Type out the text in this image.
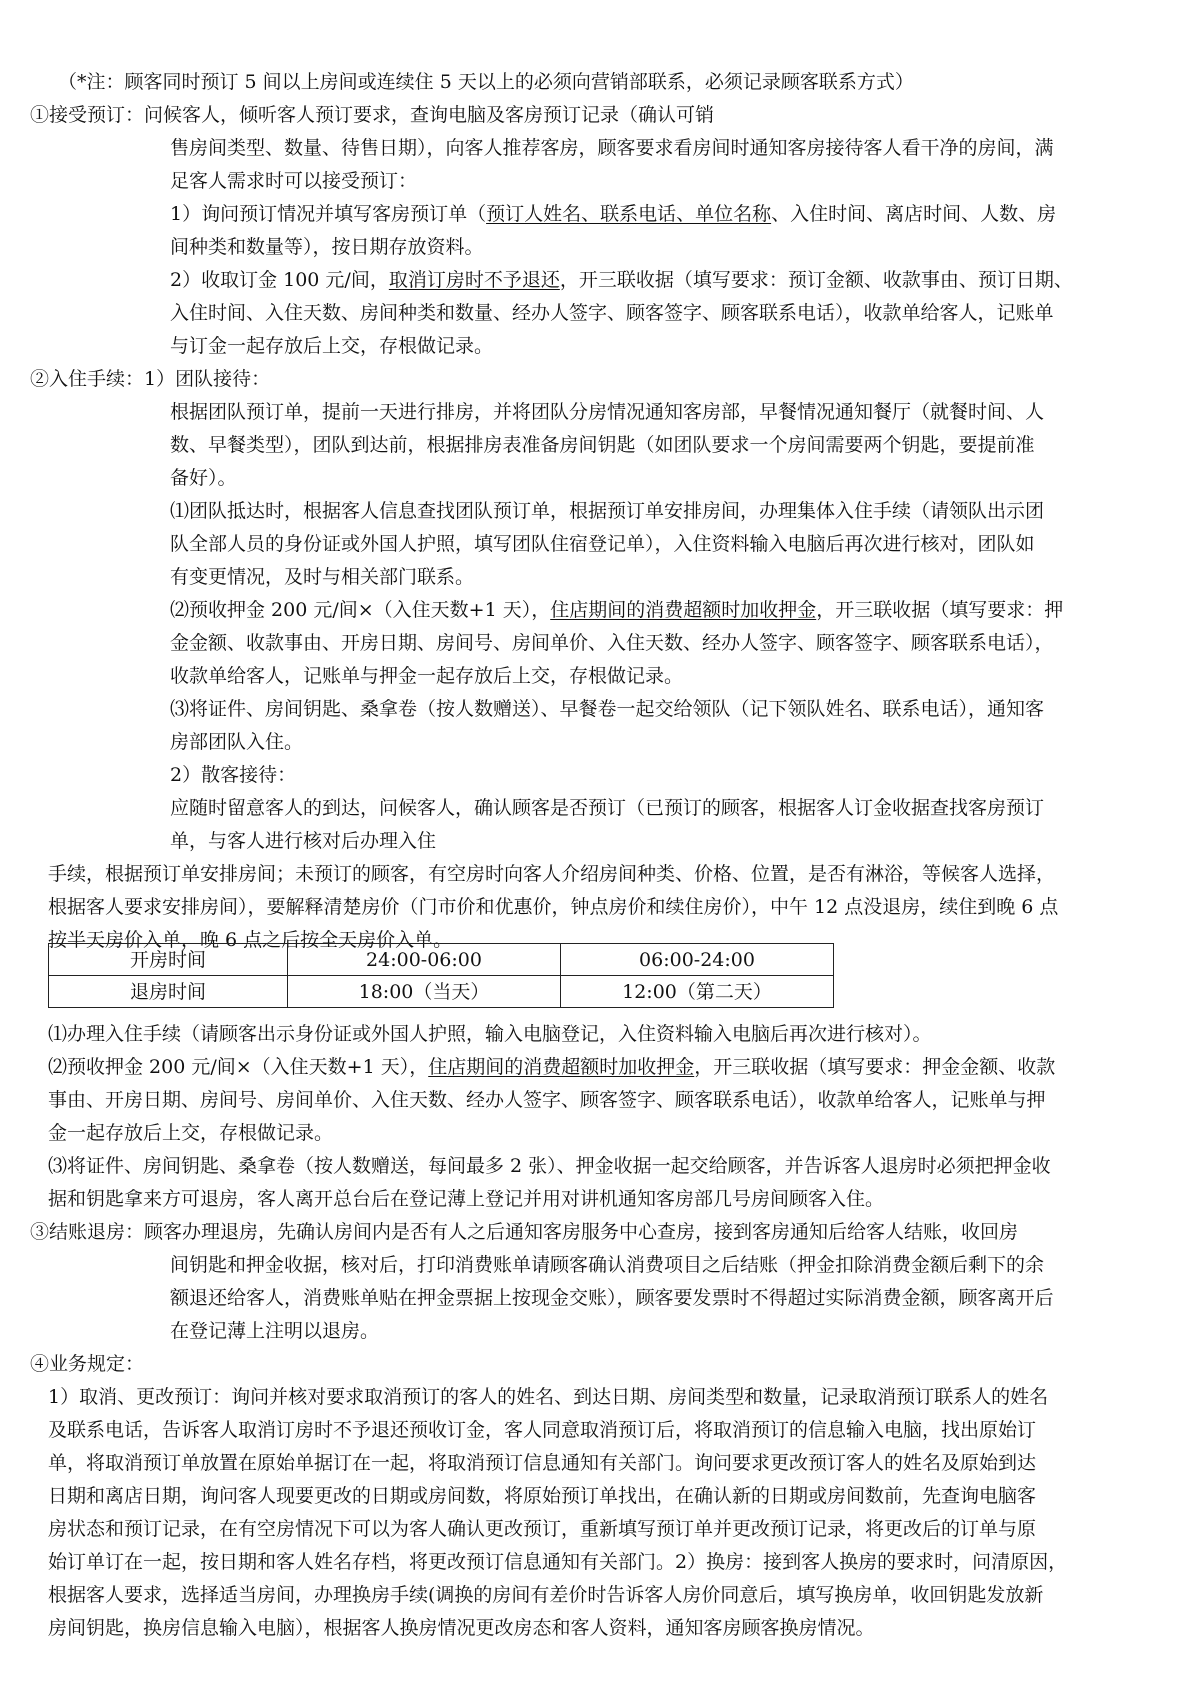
（*注：顾客同时预订 5 间以上房间或连续住 5 天以上的必须向营销部联系，必须记录顾客联系方式）
①接受预订：问候客人，倾听客人预订要求，查询电脑及客房预订记录（确认可销
售房间类型、数量、待售日期），向客人推荐客房，顾客要求看房间时通知客房接待客人看干净的房间，满
足客人需求时可以接受预订：
1）询问预订情况并填写客房预订单（预订人姓名、联系电话、单位名称、入住时间、离店时间、人数、房
间种类和数量等），按日期存放资料。
2）收取订金 100 元/间，取消订房时不予退还，开三联收据（填写要求：预订金额、收款事由、预订日期、
入住时间、入住天数、房间种类和数量、经办人签字、顾客签字、顾客联系电话），收款单给客人，记账单
与订金一起存放后上交，存根做记录。
②入住手续：1）团队接待：
根据团队预订单，提前一天进行排房，并将团队分房情况通知客房部，早餐情况通知餐厅（就餐时间、人
数、早餐类型），团队到达前，根据排房表准备房间钥匙（如团队要求一个房间需要两个钥匙，要提前准
备好）。
⑴团队抵达时，根据客人信息查找团队预订单，根据预订单安排房间，办理集体入住手续（请领队出示团
队全部人员的身份证或外国人护照，填写团队住宿登记单），入住资料输入电脑后再次进行核对，团队如
有变更情况，及时与相关部门联系。
⑵预收押金 200 元/间×（入住天数+1 天），住店期间的消费超额时加收押金，开三联收据（填写要求：押
金金额、收款事由、开房日期、房间号、房间单价、入住天数、经办人签字、顾客签字、顾客联系电话），
收款单给客人，记账单与押金一起存放后上交，存根做记录。
⑶将证件、房间钥匙、桑拿卷（按人数赠送）、早餐卷一起交给领队（记下领队姓名、联系电话），通知客
房部团队入住。
2）散客接待：
应随时留意客人的到达，问候客人，确认顾客是否预订（已预订的顾客，根据客人订金收据查找客房预订
单，与客人进行核对后办理入住
手续，根据预订单安排房间；未预订的顾客，有空房时向客人介绍房间种类、价格、位置，是否有淋浴，等候客人选择，
根据客人要求安排房间），要解释清楚房价（门市价和优惠价，钟点房价和续住房价），中午 12 点没退房，续住到晚 6 点
按半天房价入单，晚 6 点之后按全天房价入单。
开房时间	24:00-06:00	06:00-24:00
退房时间	18:00（当天）	12:00（第二天）
⑴办理入住手续（请顾客出示身份证或外国人护照，输入电脑登记，入住资料输入电脑后再次进行核对）。
⑵预收押金 200 元/间×（入住天数+1 天），住店期间的消费超额时加收押金，开三联收据（填写要求：押金金额、收款
事由、开房日期、房间号、房间单价、入住天数、经办人签字、顾客签字、顾客联系电话），收款单给客人，记账单与押
金一起存放后上交，存根做记录。
⑶将证件、房间钥匙、桑拿卷（按人数赠送，每间最多 2 张）、押金收据一起交给顾客，并告诉客人退房时必须把押金收
据和钥匙拿来方可退房，客人离开总台后在登记薄上登记并用对讲机通知客房部几号房间顾客入住。
③结账退房：顾客办理退房，先确认房间内是否有人之后通知客房服务中心查房，接到客房通知后给客人结账，收回房
间钥匙和押金收据，核对后，打印消费账单请顾客确认消费项目之后结账（押金扣除消费金额后剩下的余
额退还给客人，消费账单贴在押金票据上按现金交账），顾客要发票时不得超过实际消费金额，顾客离开后
在登记薄上注明以退房。
④业务规定：
1）取消、更改预订：询问并核对要求取消预订的客人的姓名、到达日期、房间类型和数量，记录取消预订联系人的姓名
及联系电话，告诉客人取消订房时不予退还预收订金，客人同意取消预订后，将取消预订的信息输入电脑，找出原始订
单，将取消预订单放置在原始单据订在一起，将取消预订信息通知有关部门。询问要求更改预订客人的姓名及原始到达
日期和离店日期，询问客人现要更改的日期或房间数，将原始预订单找出，在确认新的日期或房间数前，先查询电脑客
房状态和预订记录，在有空房情况下可以为客人确认更改预订，重新填写预订单并更改预订记录，将更改后的订单与原
始订单订在一起，按日期和客人姓名存档，将更改预订信息通知有关部门。2）换房：接到客人换房的要求时，问清原因，
根据客人要求，选择适当房间，办理换房手续(调换的房间有差价时告诉客人房价同意后，填写换房单，收回钥匙发放新
房间钥匙，换房信息输入电脑），根据客人换房情况更改房态和客人资料，通知客房顾客换房情况。
